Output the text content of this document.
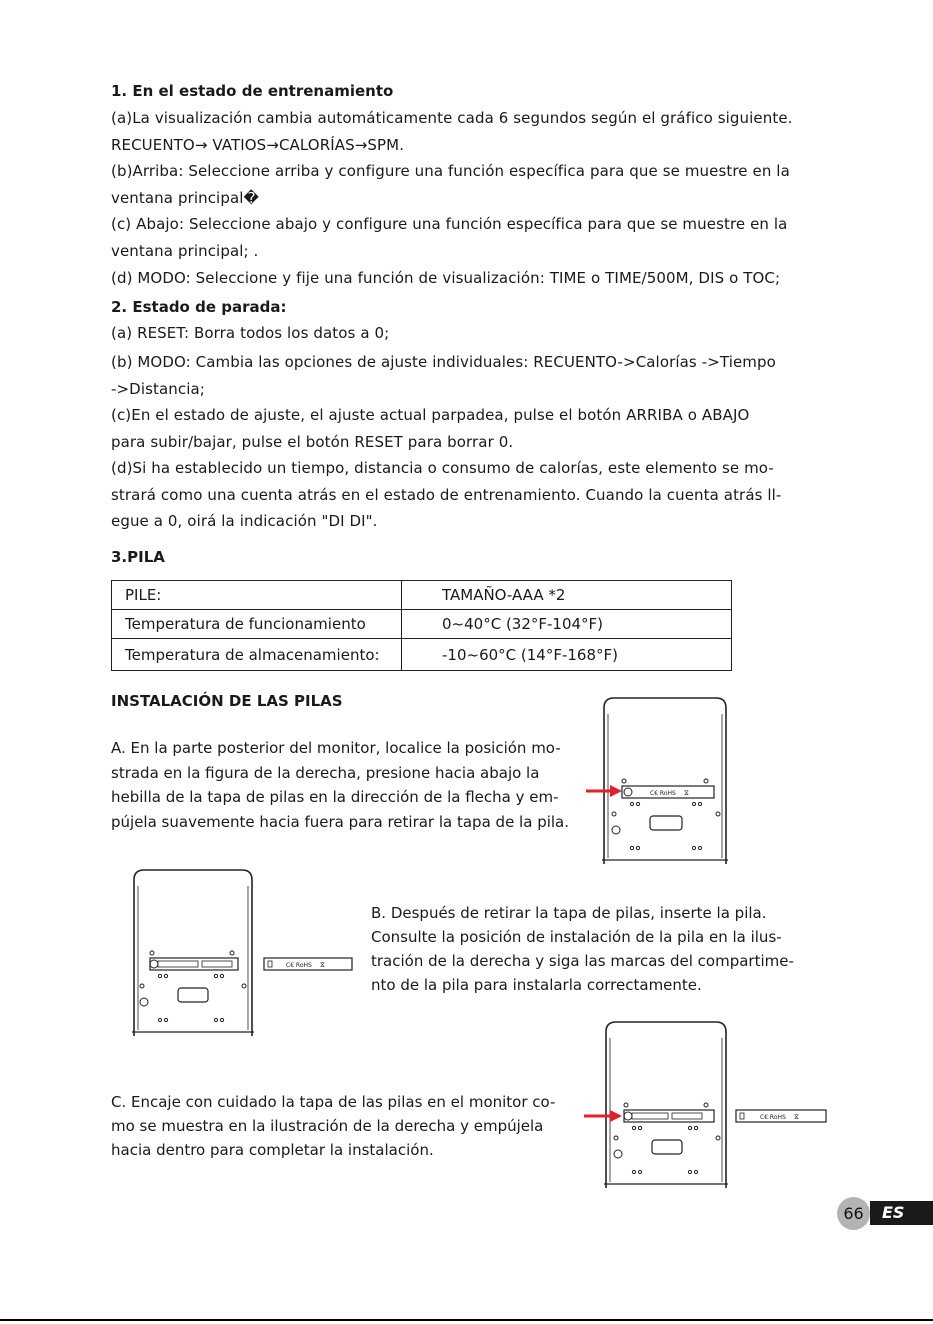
1. En el estado de entrenamiento
(a)La visualización cambia automáticamente cada 6 segundos según el gráfico siguiente.
RECUENTO→ VATIOS→CALORÍAS→SPM.
(b)Arriba: Seleccione arriba y configure una función específica para que se muestre en la
ventana principal�
(c) Abajo: Seleccione abajo y configure una función específica para que se muestre en la
ventana principal; .
(d) MODO: Seleccione y fije una función de visualización: TIME o TIME/500M, DIS o TOC;
2. Estado de parada:
(a) RESET: Borra todos los datos a 0;
(b) MODO: Cambia las opciones de ajuste individuales: RECUENTO->Calorías ->Tiempo
->Distancia;
(c)En el estado de ajuste, el ajuste actual parpadea, pulse el botón ARRIBA o ABAJO
para subir/bajar, pulse el botón RESET para borrar 0.
(d)Si ha establecido un tiempo, distancia o consumo de calorías, este elemento se mo-
strará como una cuenta atrás en el estado de entrenamiento. Cuando la cuenta atrás ll-
egue a 0, oirá la indicación "DI DI".
3.PILA
PILE:	TAMAÑO-AAA *2
Temperatura de funcionamiento	0~40°C (32°F-104°F)
Temperatura de almacenamiento:	-10~60°C (14°F-168°F)
INSTALACIÓN DE LAS PILAS
A. En la parte posterior del monitor, localice la posición mo-
strada en la figura de la derecha, presione hacia abajo la
hebilla de la tapa de pilas en la dirección de la flecha y em-
pújela suavemente hacia fuera para retirar la tapa de la pila.
B. Después de retirar la tapa de pilas, inserte la pila.
Consulte la posición de instalación de la pila en la ilus-
tración de la derecha y siga las marcas del compartime-
nto de la pila para instalarla correctamente.
C. Encaje con cuidado la tapa de las pilas en el monitor co-
mo se muestra en la ilustración de la derecha y empújela
hacia dentro para completar la instalación.
C€ RoHS ⧖
C€ RoHS ⧖
C€ RoHS ⧖
66	ES
